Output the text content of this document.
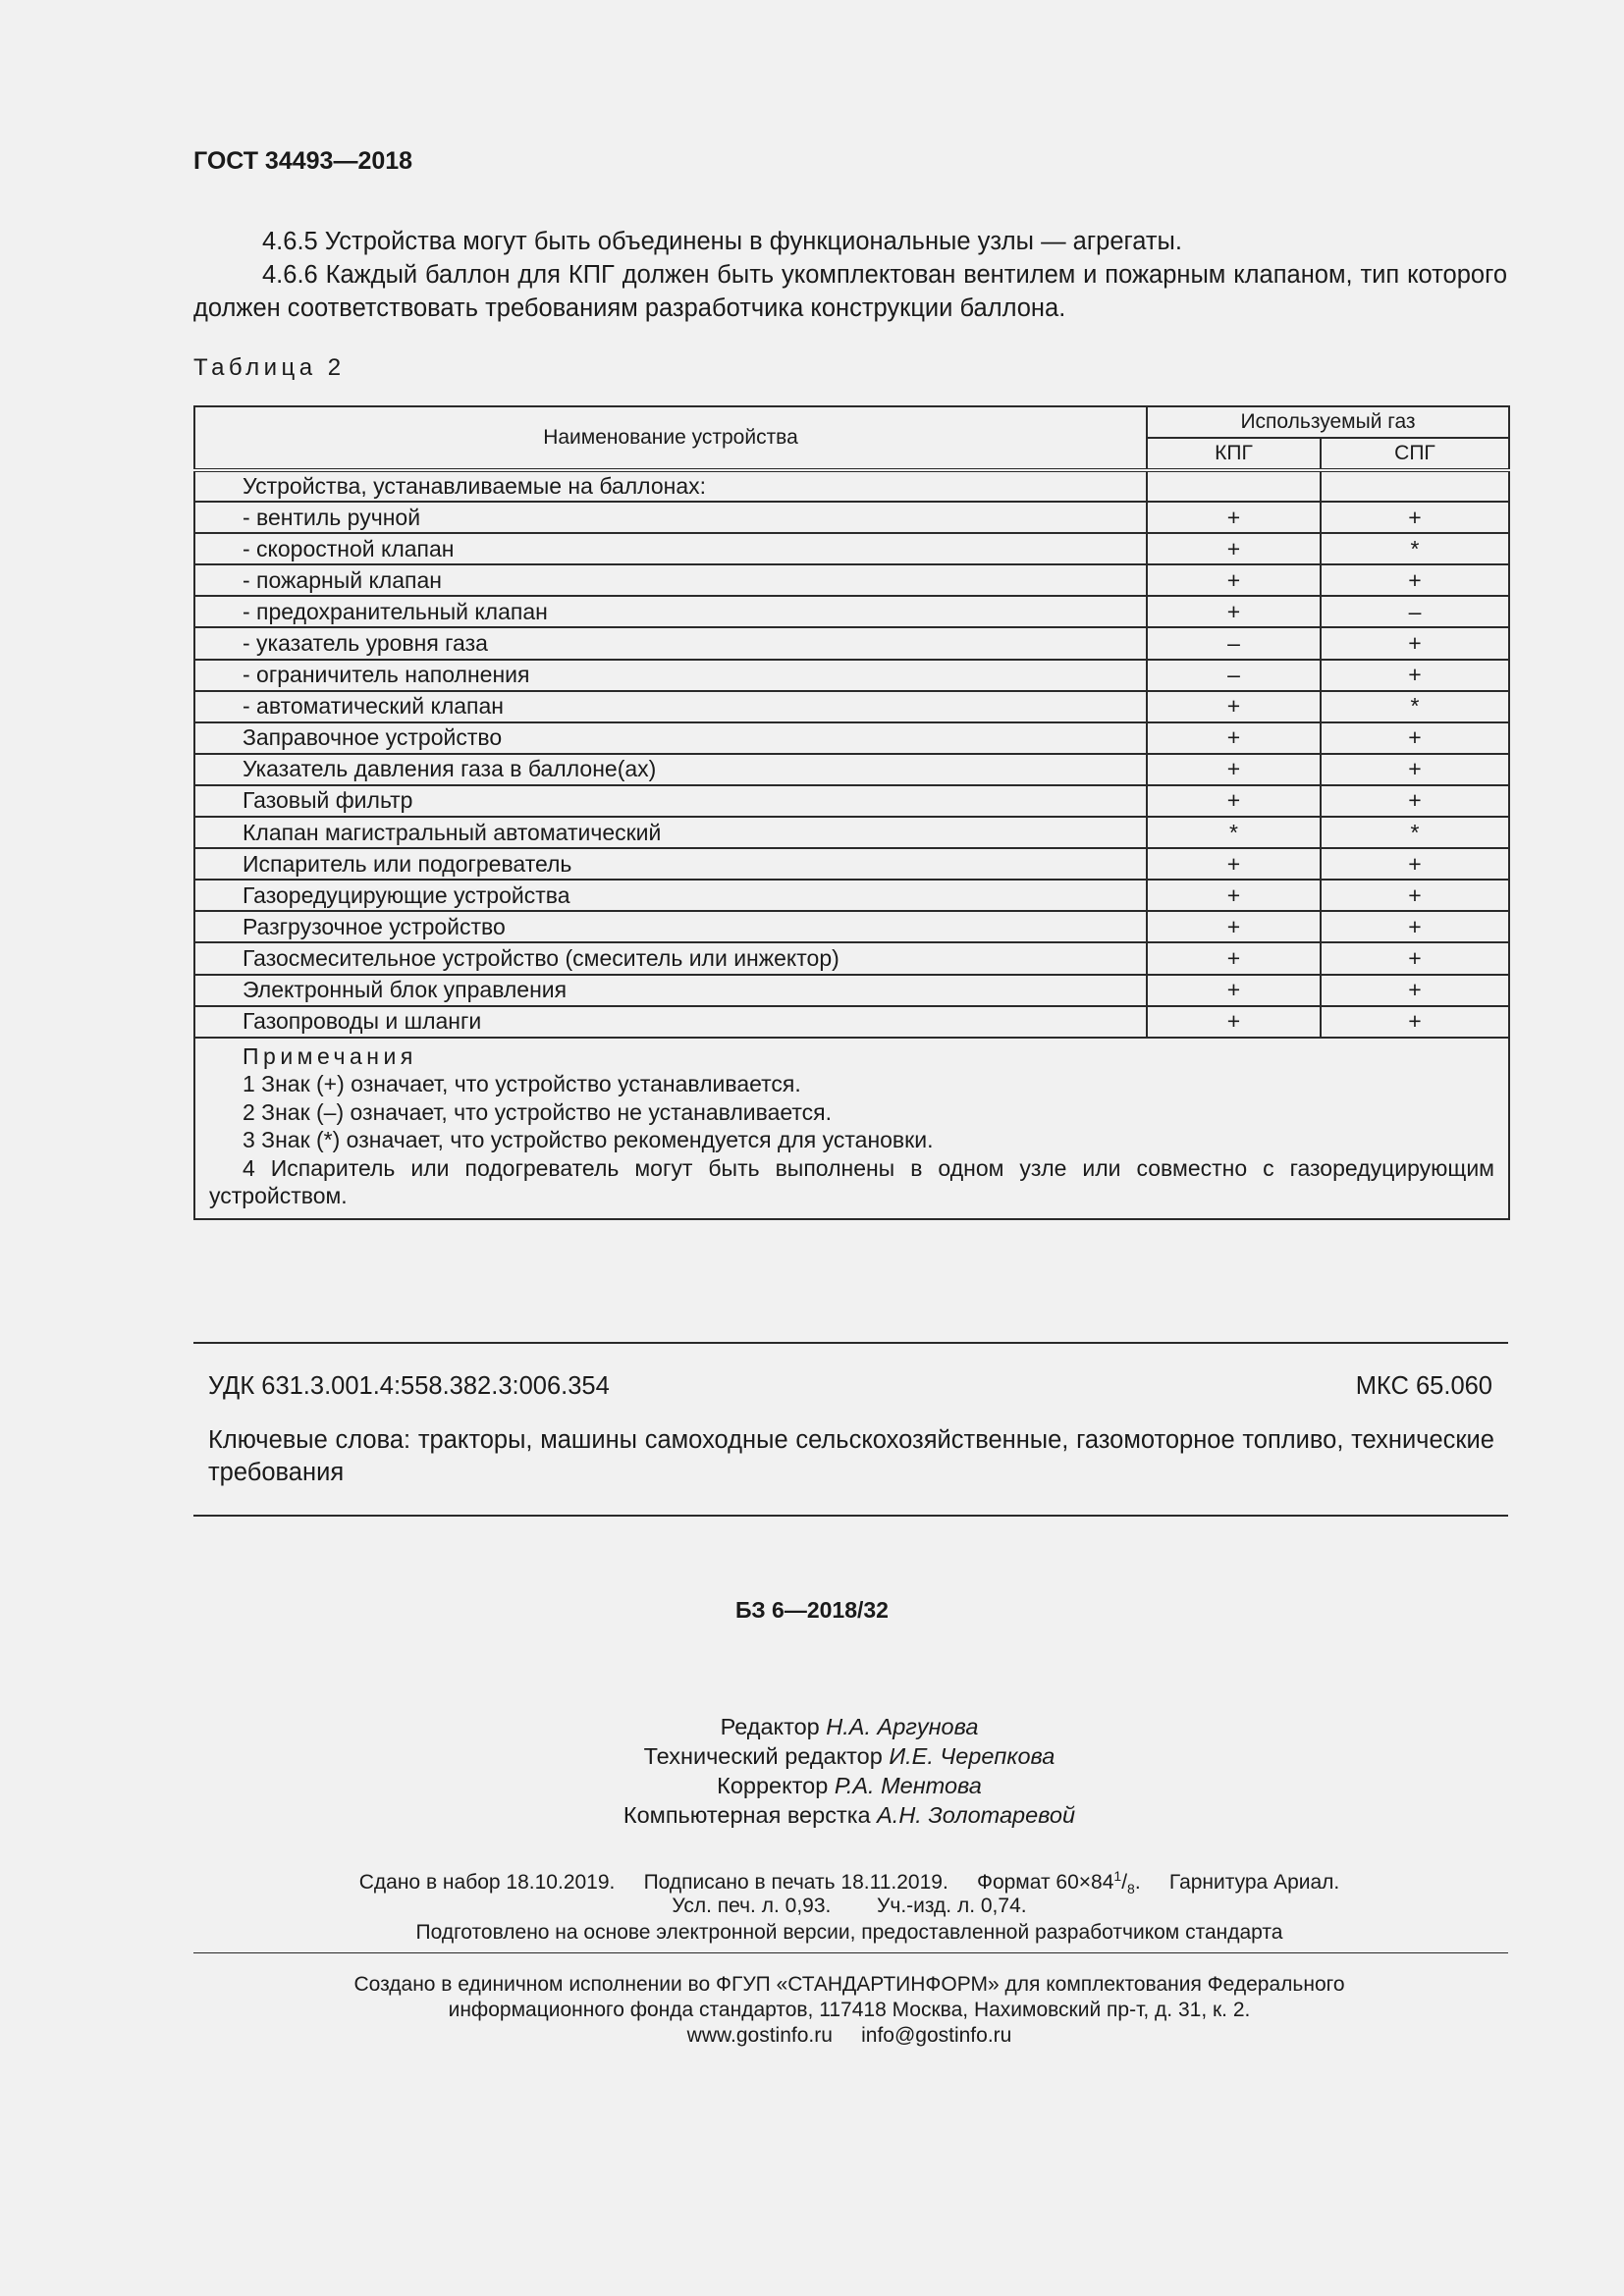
ГОСТ 34493—2018
4.6.5 Устройства могут быть объединены в функциональные узлы — агрегаты.
4.6.6 Каждый баллон для КПГ должен быть укомплектован вентилем и пожарным клапаном, тип которого должен соответствовать требованиям разработчика конструкции баллона.
Таблица 2
Наименование устройства	Используемый газ	
	КПГ	СПГ
Устройства, устанавливаемые на баллонах:		
- вентиль ручной	+	+
- скоростной клапан	+	*
- пожарный клапан	+	+
- предохранительный клапан	+	–
- указатель уровня газа	–	+
- ограничитель наполнения	–	+
- автоматический клапан	+	*
Заправочное устройство	+	+
Указатель давления газа в баллоне(ах)	+	+
Газовый фильтр	+	+
Клапан магистральный автоматический	*	*
Испаритель или подогреватель	+	+
Газоредуцирующие устройства	+	+
Разгрузочное устройство	+	+
Газосмесительное устройство (смеситель или инжектор)	+	+
Электронный блок управления	+	+
Газопроводы и шланги	+	+

Примечания
1 Знак (+) означает, что устройство устанавливается.
2 Знак (–) означает, что устройство не устанавливается.
3 Знак (*) означает, что устройство рекомендуется для установки.
4 Испаритель или подогреватель могут быть выполнены в одном узле или совместно с газоредуцирующим устройством.		
УДК 631.3.001.4:558.382.3:006.354	МКС 65.060
Ключевые слова: тракторы, машины самоходные сельскохозяйственные, газомоторное топливо, технические требования
БЗ 6—2018/32
Редактор Н.А. Аргунова
Технический редактор И.Е. Черепкова
Корректор Р.А. Ментова
Компьютерная верстка А.Н. Золотаревой
Сдано в набор 18.10.2019. Подписано в печать 18.11.2019. Формат $60\times 84^1/_8$. Гарнитура Ариал.
Усл. печ. л. 0,93. Уч.-изд. л. 0,74.
Подготовлено на основе электронной версии, предоставленной разработчиком стандарта
Создано в единичном исполнении во ФГУП «СТАНДАРТИНФОРМ» для комплектования Федерального
информационного фонда стандартов, 117418 Москва, Нахимовский пр-т, д. 31, к. 2.
www.gostinfo.ru info@gostinfo.ru
